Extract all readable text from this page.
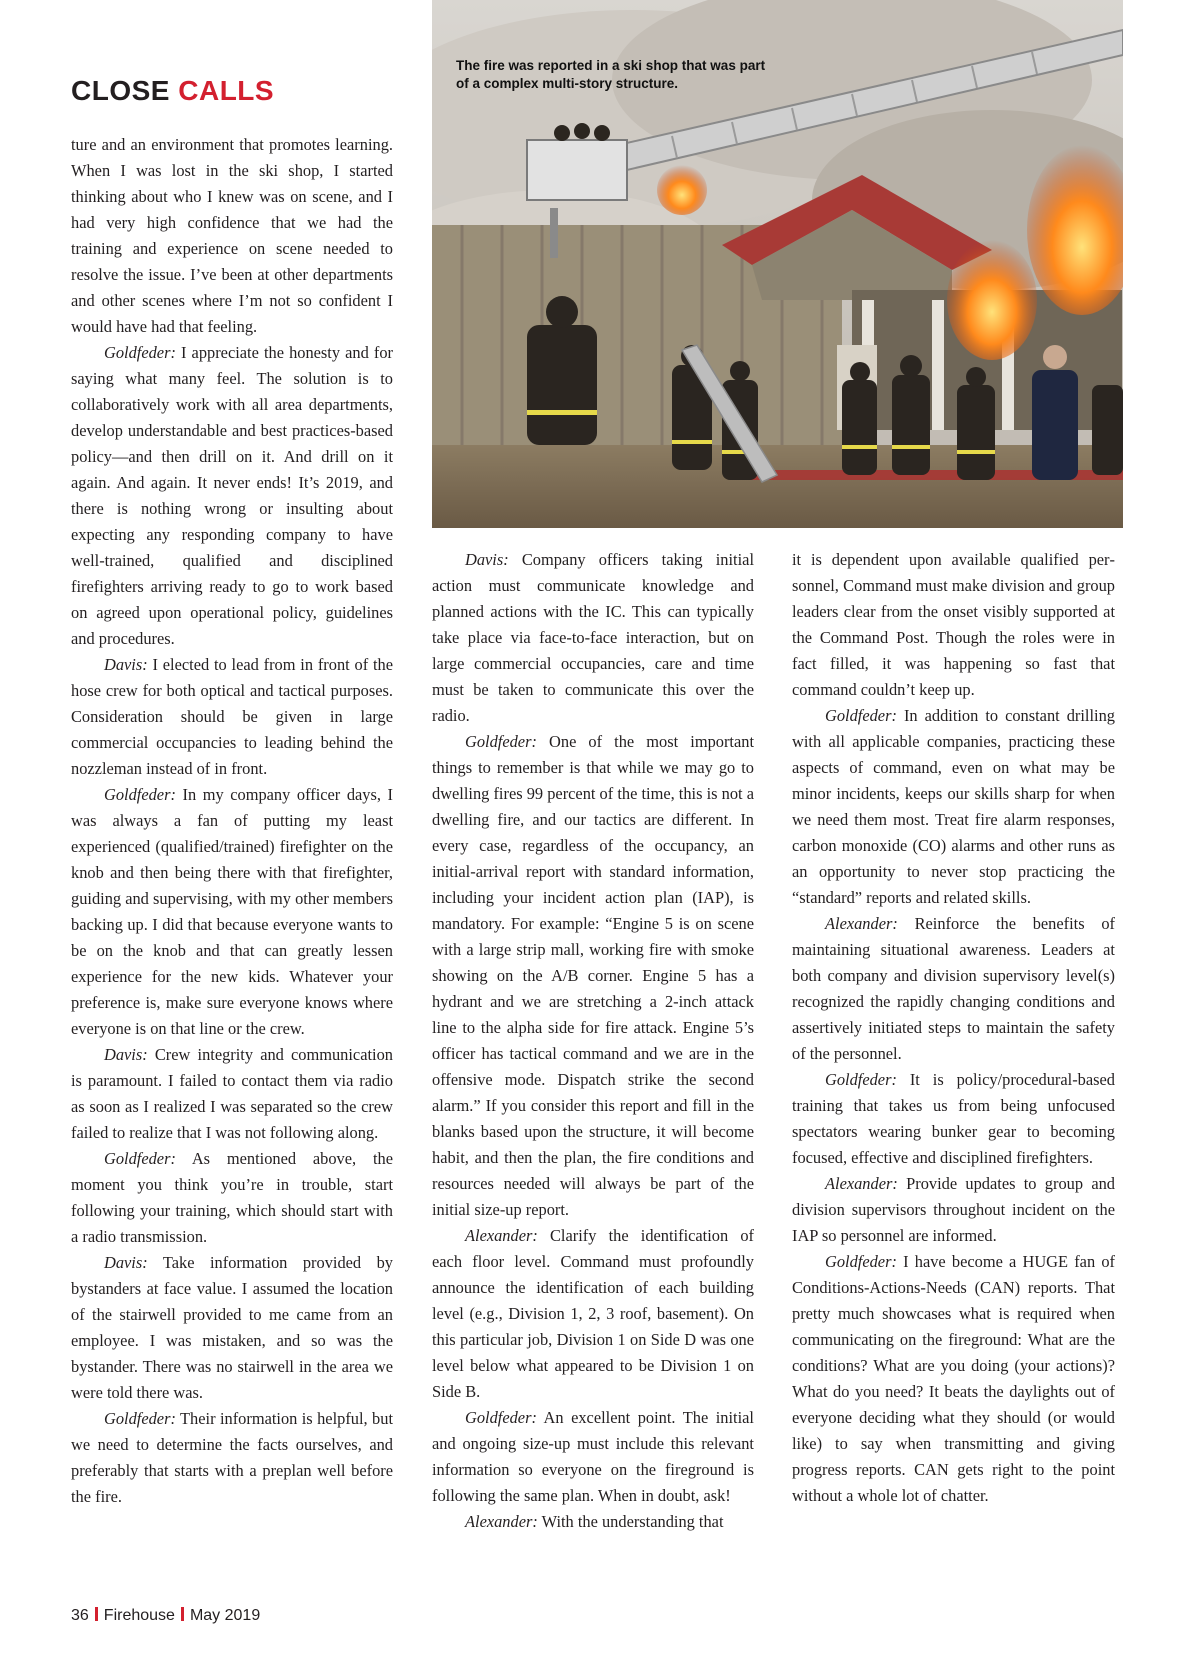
CLOSE CALLS
The fire was reported in a ski shop that was part of a complex multi-story structure.

ture and an environment that promotes learning. When I was lost in the ski shop, I started thinking about who I knew was on scene, and I had very high confidence that we had the training and experience on scene needed to resolve the issue. I’ve been at other departments and other scenes where I’m not so confident I would have had that feeling.

Goldfeder: I appreciate the honesty and for saying what many feel. The solution is to collaboratively work with all area departments, develop understandable and best practices-based policy—and then drill on it. And drill on it again. And again. It never ends! It’s 2019, and there is nothing wrong or insulting about expecting any responding company to have well-trained, qualified and disciplined firefighters arriving ready to go to work based on agreed upon operational policy, guidelines and procedures.

Davis: I elected to lead from in front of the hose crew for both optical and tactical purposes. Consideration should be given in large commercial occupancies to leading behind the nozzleman instead of in front.

Goldfeder: In my company officer days, I was always a fan of putting my least experienced (qualified/trained) firefighter on the knob and then being there with that firefighter, guiding and supervising, with my other members backing up. I did that because everyone wants to be on the knob and that can greatly lessen experience for the new kids. Whatever your preference is, make sure everyone knows where everyone is on that line or the crew.

Davis: Crew integrity and communication is paramount. I failed to contact them via radio as soon as I realized I was separated so the crew failed to realize that I was not following along.

Goldfeder: As mentioned above, the moment you think you’re in trouble, start following your training, which should start with a radio transmission.

Davis: Take information provided by bystanders at face value. I assumed the location of the stairwell provided to me came from an employee. I was mistaken, and so was the bystander. There was no stairwell in the area we were told there was.

Goldfeder: Their information is helpful, but we need to determine the facts ourselves, and preferably that starts with a preplan well before the fire.

Davis: Company officers taking initial action must communicate knowledge and planned actions with the IC. This can typically take place via face-to-face interaction, but on large commercial occupancies, care and time must be taken to communicate this over the radio.

Goldfeder: One of the most important things to remember is that while we may go to dwelling fires 99 percent of the time, this is not a dwelling fire, and our tactics are different. In every case, regardless of the occupancy, an initial-arrival report with standard information, including your incident action plan (IAP), is mandatory. For example: “Engine 5 is on scene with a large strip mall, working fire with smoke showing on the A/B corner. Engine 5 has a hydrant and we are stretching a 2-inch attack line to the alpha side for fire attack. Engine 5’s officer has tactical command and we are in the offensive mode. Dispatch strike the second alarm.” If you consider this report and fill in the blanks based upon the structure, it will become habit, and then the plan, the fire conditions and resources needed will always be part of the initial size-up report.

Alexander: Clarify the identification of each floor level. Command must profoundly announce the identification of each building level (e.g., Division 1, 2, 3 roof, basement). On this particular job, Division 1 on Side D was one level below what appeared to be Division 1 on Side B.

Goldfeder: An excellent point. The initial and ongoing size-up must include this relevant information so everyone on the fireground is following the same plan. When in doubt, ask!

Alexander: With the understanding that

it is dependent upon available qualified personnel, Command must make division and group leaders clear from the onset visibly supported at the Command Post. Though the roles were in fact filled, it was happening so fast that command couldn’t keep up.

Goldfeder: In addition to constant drilling with all applicable companies, practicing these aspects of command, even on what may be minor incidents, keeps our skills sharp for when we need them most. Treat fire alarm responses, carbon monoxide (CO) alarms and other runs as an opportunity to never stop practicing the “standard” reports and related skills.

Alexander: Reinforce the benefits of maintaining situational awareness. Leaders at both company and division supervisory level(s) recognized the rapidly changing conditions and assertively initiated steps to maintain the safety of the personnel.

Goldfeder: It is policy/procedural-based training that takes us from being unfocused spectators wearing bunker gear to becoming focused, effective and disciplined firefighters.

Alexander: Provide updates to group and division supervisors throughout incident on the IAP so personnel are informed.

Goldfeder: I have become a HUGE fan of Conditions-Actions-Needs (CAN) reports. That pretty much showcases what is required when communicating on the fireground: What are the conditions? What are you doing (your actions)? What do you need? It beats the daylights out of everyone deciding what they should (or would like) to say when transmitting and giving progress reports. CAN gets right to the point without a whole lot of chatter.

36 Firehouse May 2019
